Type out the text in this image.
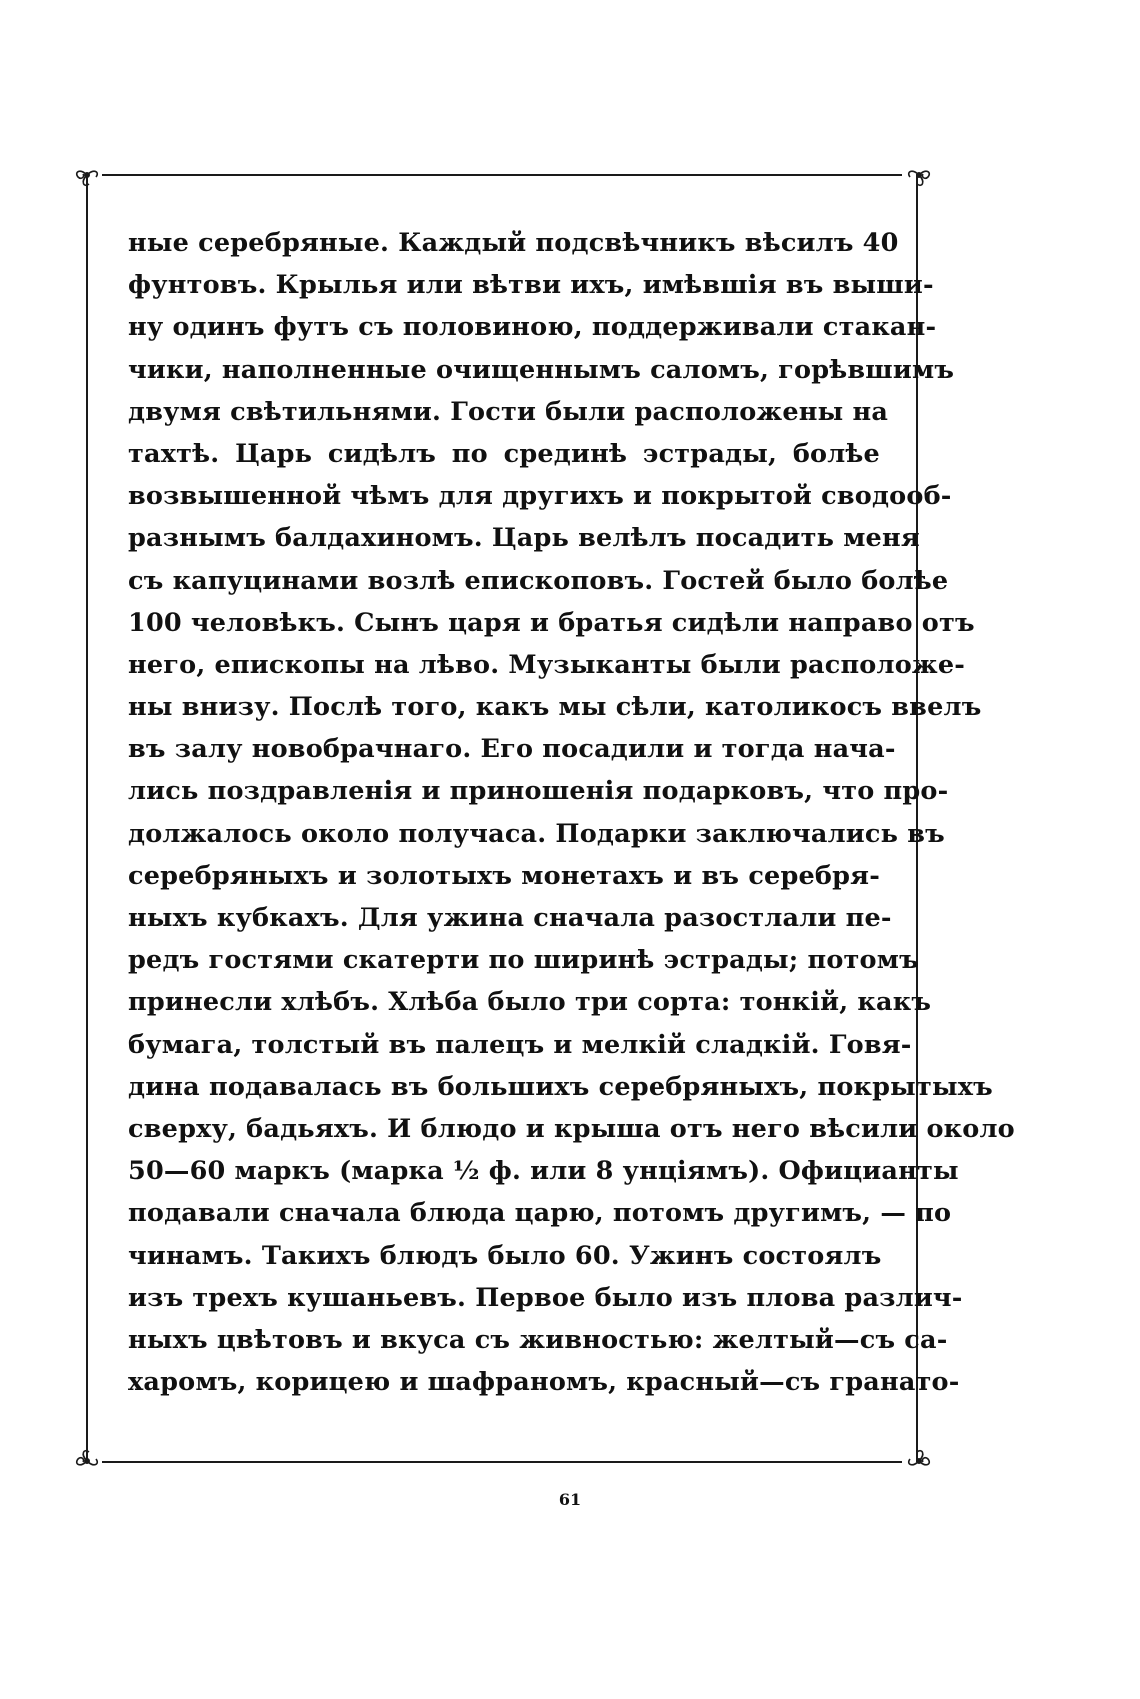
ные серебряные. Каждый подсвѣчникъ вѣсилъ 40
фунтовъ. Крылья или вѣтви ихъ, имѣвшія въ выши-
ну одинъ футъ съ половиною, поддерживали стакан-
чики, наполненные очищеннымъ саломъ, горѣвшимъ
двумя свѣтильнями. Гости были расположены на
тахтѣ. Царь сидѣлъ по срединѣ эстрады, болѣе
возвышенной чѣмъ для другихъ и покрытой сводооб-
разнымъ балдахиномъ. Царь велѣлъ посадить меня
съ капуцинами возлѣ епископовъ. Гостей было болѣе
100 человѣкъ. Сынъ царя и братья сидѣли направо отъ
него, епископы на лѣво. Музыканты были расположе-
ны внизу. Послѣ того, какъ мы сѣли, католикосъ ввелъ
въ залу новобрачнаго. Его посадили и тогда нача-
лись поздравленія и приношенія подарковъ, что про-
должалось около получаса. Подарки заключались въ
серебряныхъ и золотыхъ монетахъ и въ серебря-
ныхъ кубкахъ. Для ужина сначала разостлали пе-
редъ гостями скатерти по ширинѣ эстрады; потомъ
принесли хлѣбъ. Хлѣба было три сорта: тонкій, какъ
бумага, толстый въ палецъ и мелкій сладкій. Говя-
дина подавалась въ большихъ серебряныхъ, покрытыхъ
сверху, бадьяхъ. И блюдо и крыша отъ него вѣсили около
50—60 маркъ (марка ½ ф. или 8 унціямъ). Официанты
подавали сначала блюда царю, потомъ другимъ, — по
чинамъ. Такихъ блюдъ было 60. Ужинъ состоялъ
изъ трехъ кушаньевъ. Первое было изъ плова различ-
ныхъ цвѣтовъ и вкуса съ живностью: желтый—съ са-
харомъ, корицею и шафраномъ, красный—съ гранато-
61
